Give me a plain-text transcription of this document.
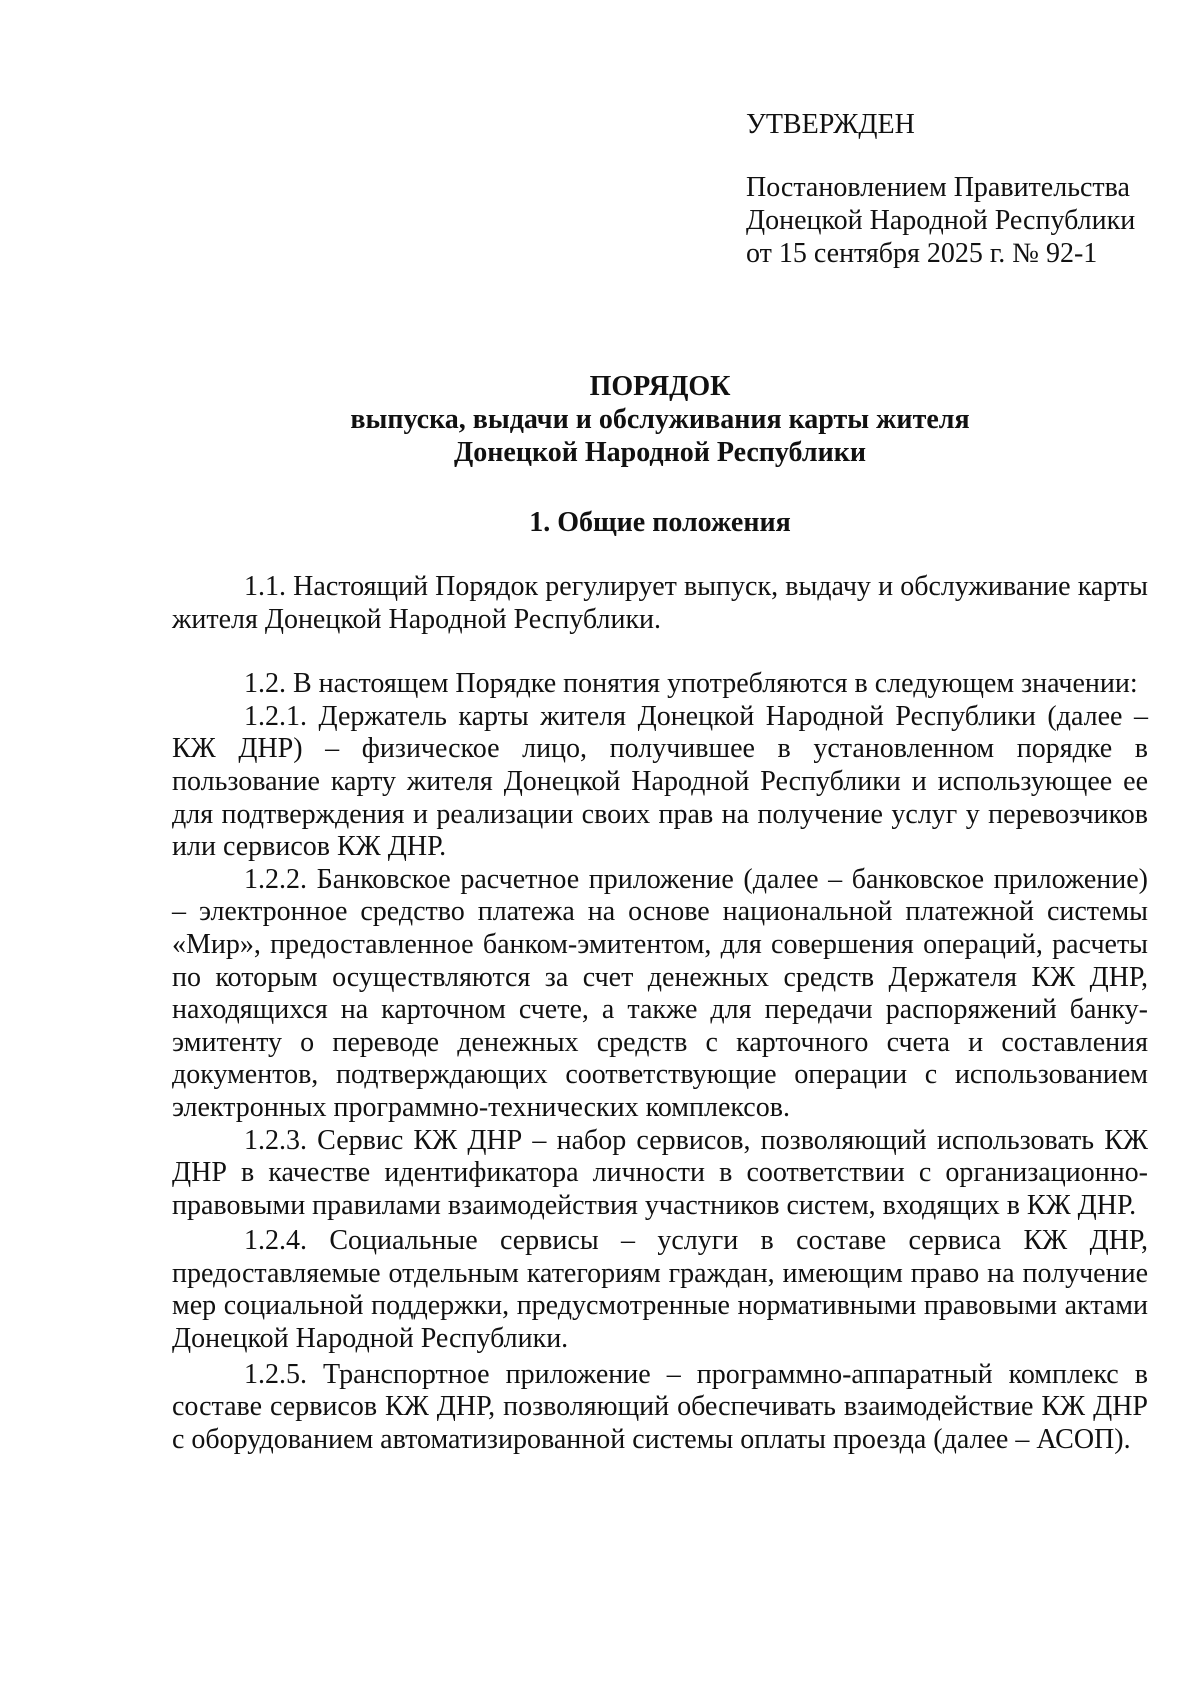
УТВЕРЖДЕН
Постановлением Правительства
Донецкой Народной Республики
от 15 сентября 2025 г. № 92-1
ПОРЯДОК
выпуска, выдачи и обслуживания карты жителя
Донецкой Народной Республики
1. Общие положения

1.1. Настоящий Порядок регулирует выпуск, выдачу и обслуживание карты жителя Донецкой Народной Республики.

1.2. В настоящем Порядке понятия употребляются в следующем значении:

1.2.1. Держатель карты жителя Донецкой Народной Республики (далее – КЖ ДНР) – физическое лицо, получившее в установленном порядке в пользование карту жителя Донецкой Народной Республики и использующее ее для подтверждения и реализации своих прав на получение услуг у перевозчиков или сервисов КЖ ДНР.

1.2.2. Банковское расчетное приложение (далее – банковское приложение) – электронное средство платежа на основе национальной платежной системы «Мир», предоставленное банком-эмитентом, для совершения операций, расчеты по которым осуществляются за счет денежных средств Держателя КЖ ДНР, находящихся на карточном счете, а также для передачи распоряжений банку-эмитенту о переводе денежных средств с карточного счета и составления документов, подтверждающих соответствующие операции с использованием электронных программно-технических комплексов.

1.2.3. Сервис КЖ ДНР – набор сервисов, позволяющий использовать КЖ ДНР в качестве идентификатора личности в соответствии с организационно-правовыми правилами взаимодействия участников систем, входящих в КЖ ДНР.

1.2.4. Социальные сервисы – услуги в составе сервиса КЖ ДНР, предоставляемые отдельным категориям граждан, имеющим право на получение мер социальной поддержки, предусмотренные нормативными правовыми актами Донецкой Народной Республики.

1.2.5. Транспортное приложение – программно-аппаратный комплекс в составе сервисов КЖ ДНР, позволяющий обеспечивать взаимодействие КЖ ДНР с оборудованием автоматизированной системы оплаты проезда (далее – АСОП).
